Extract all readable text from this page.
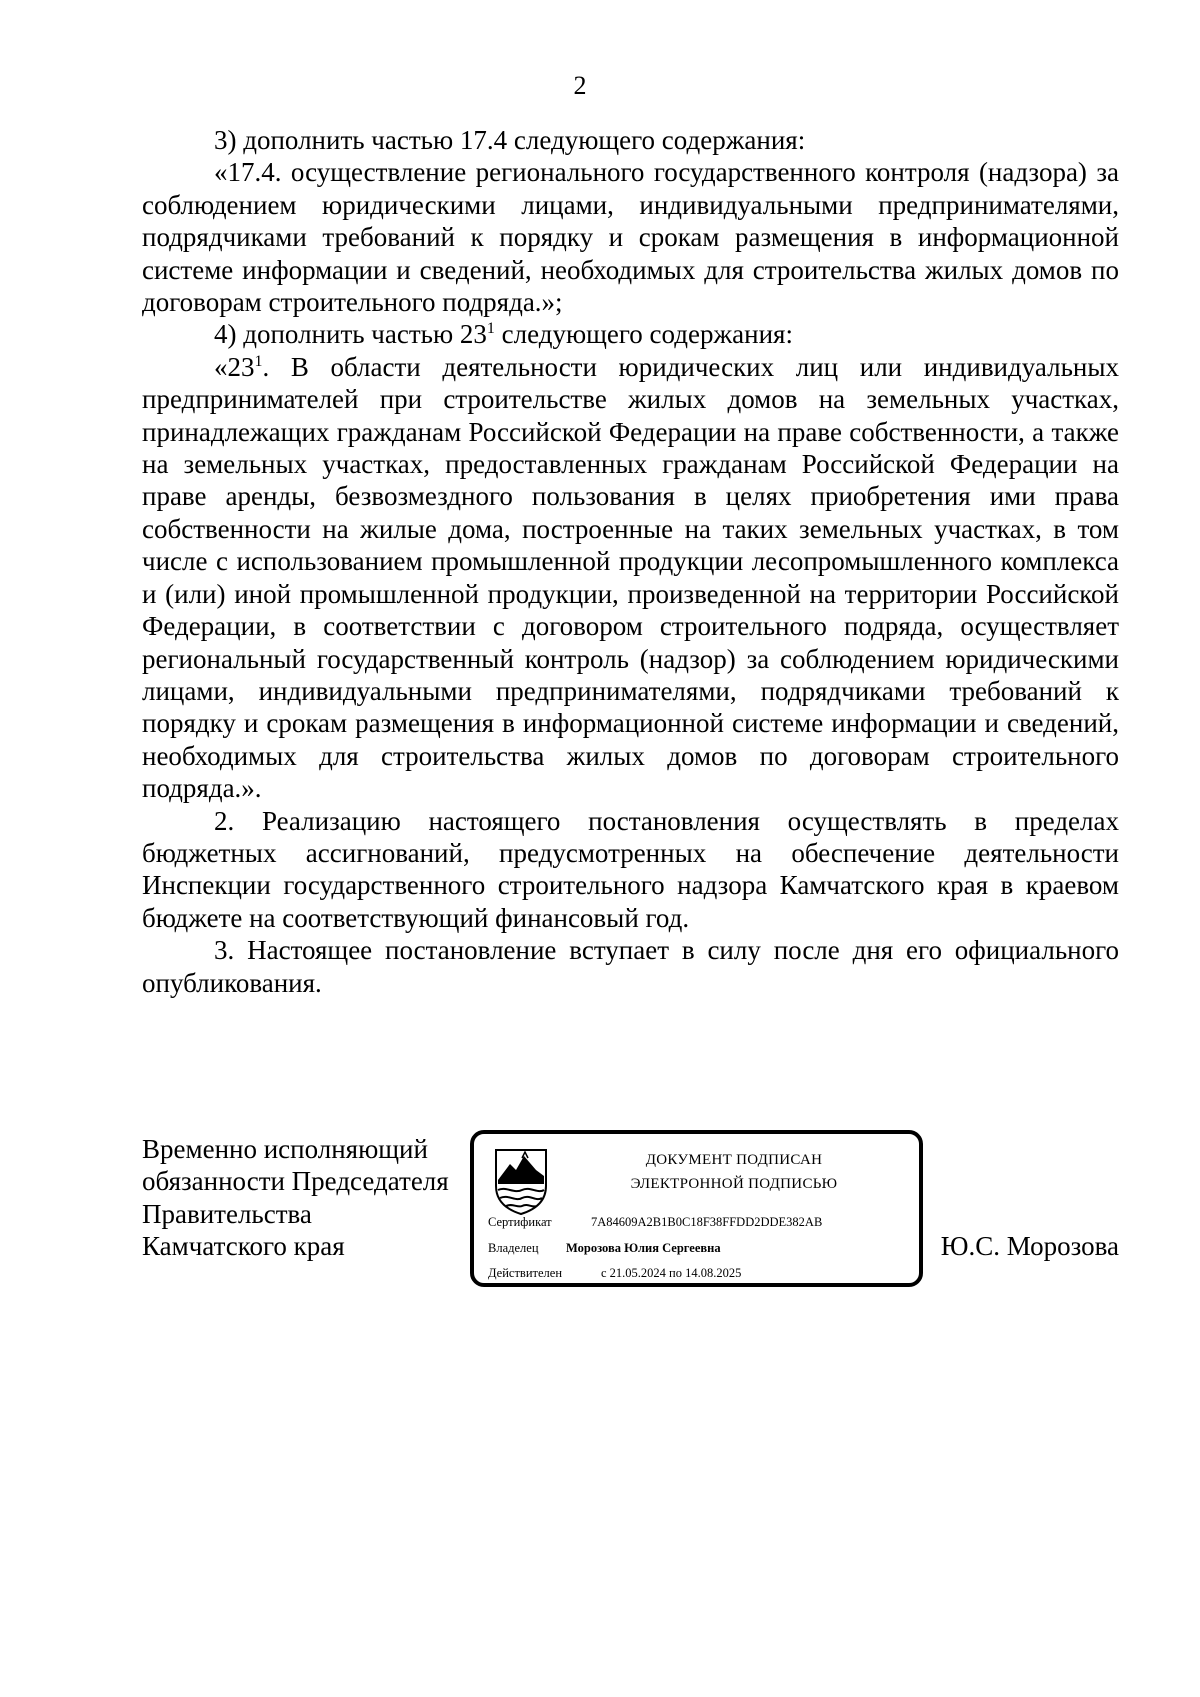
2

3) дополнить частью 17.4 следующего содержания:

«17.4. осуществление регионального государственного контроля (надзора) за соблюдением юридическими лицами, индивидуальными предпринимателями, подрядчиками требований к порядку и срокам размещения в информационной системе информации и сведений, необходимых для строительства жилых домов по договорам строительного подряда.»;

4) дополнить частью $23^1$ следующего содержания:

«$23^1$. В области деятельности юридических лиц или индивидуальных предпринимателей при строительстве жилых домов на земельных участках, принадлежащих гражданам Российской Федерации на праве собственности, а также на земельных участках, предоставленных гражданам Российской Федерации на праве аренды, безвозмездного пользования в целях приобретения ими права собственности на жилые дома, построенные на таких земельных участках, в том числе с использованием промышленной продукции лесопромышленного комплекса и (или) иной промышленной продукции, произведенной на территории Российской Федерации, в соответствии с договором строительного подряда, осуществляет региональный государственный контроль (надзор) за соблюдением юридическими лицами, индивидуальными предпринимателями, подрядчиками требований к порядку и срокам размещения в информационной системе информации и сведений, необходимых для строительства жилых домов по договорам строительного подряда.».

2. Реализацию настоящего постановления осуществлять в пределах бюджетных ассигнований, предусмотренных на обеспечение деятельности Инспекции государственного строительного надзора Камчатского края в краевом бюджете на соответствующий финансовый год.

3. Настоящее постановление вступает в силу после дня его официального опубликования.

Временно исполняющий
обязанности Председателя
Правительства
Камчатского края
ДОКУМЕНТ ПОДПИСАН
ЭЛЕКТРОННОЙ ПОДПИСЬЮ
Сертификат	7A84609A2B1B0C18F38FFDD2DDE382AB
Владелец Морозова Юлия Сергеевна
Действителен	с 21.05.2024 по 14.08.2025
Ю.С. Морозова
